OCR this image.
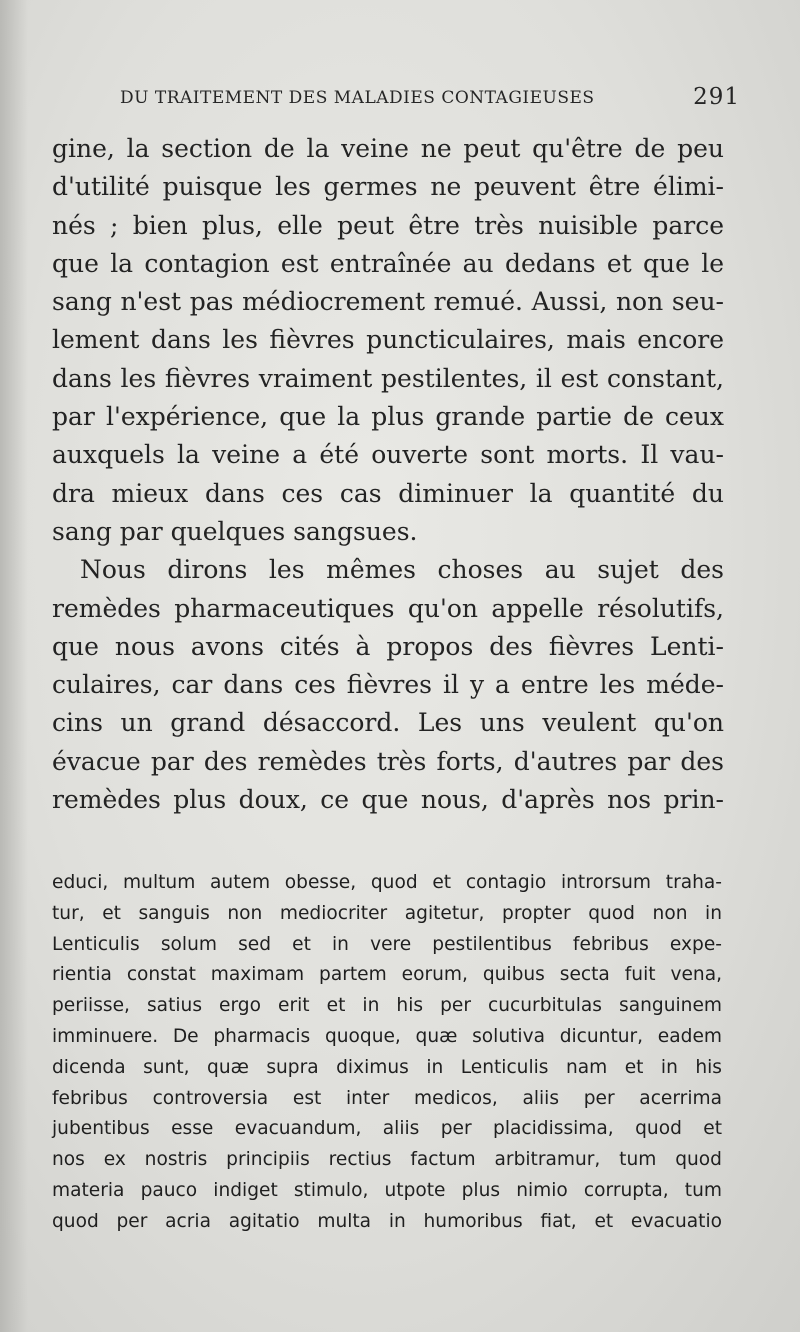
DU TRAITEMENT DES MALADIES CONTAGIEUSES	291
gine, la section de la veine ne peut qu'être de peu
d'utilité puisque les germes ne peuvent être élimi-
nés ; bien plus, elle peut être très nuisible parce
que la contagion est entraînée au dedans et que le
sang n'est pas médiocrement remué. Aussi, non seu-
lement dans les fièvres puncticulaires, mais encore
dans les fièvres vraiment pestilentes, il est constant,
par l'expérience, que la plus grande partie de ceux
auxquels la veine a été ouverte sont morts. Il vau-
dra mieux dans ces cas diminuer la quantité du
sang par quelques sangsues.
Nous dirons les mêmes choses au sujet des
remèdes pharmaceutiques qu'on appelle résolutifs,
que nous avons cités à propos des fièvres Lenti-
culaires, car dans ces fièvres il y a entre les méde-
cins un grand désaccord. Les uns veulent qu'on
évacue par des remèdes très forts, d'autres par des
remèdes plus doux, ce que nous, d'après nos prin-
educi, multum autem obesse, quod et contagio introrsum traha-
tur, et sanguis non mediocriter agitetur, propter quod non in
Lenticulis solum sed et in vere pestilentibus febribus expe-
rientia constat maximam partem eorum, quibus secta fuit vena,
periisse, satius ergo erit et in his per cucurbitulas sanguinem
imminuere. De pharmacis quoque, quæ solutiva dicuntur, eadem
dicenda sunt, quæ supra diximus in Lenticulis nam et in his
febribus controversia est inter medicos, aliis per acerrima
jubentibus esse evacuandum, aliis per placidissima, quod et
nos ex nostris principiis rectius factum arbitramur, tum quod
materia pauco indiget stimulo, utpote plus nimio corrupta, tum
quod per acria agitatio multa in humoribus fiat, et evacuatio
